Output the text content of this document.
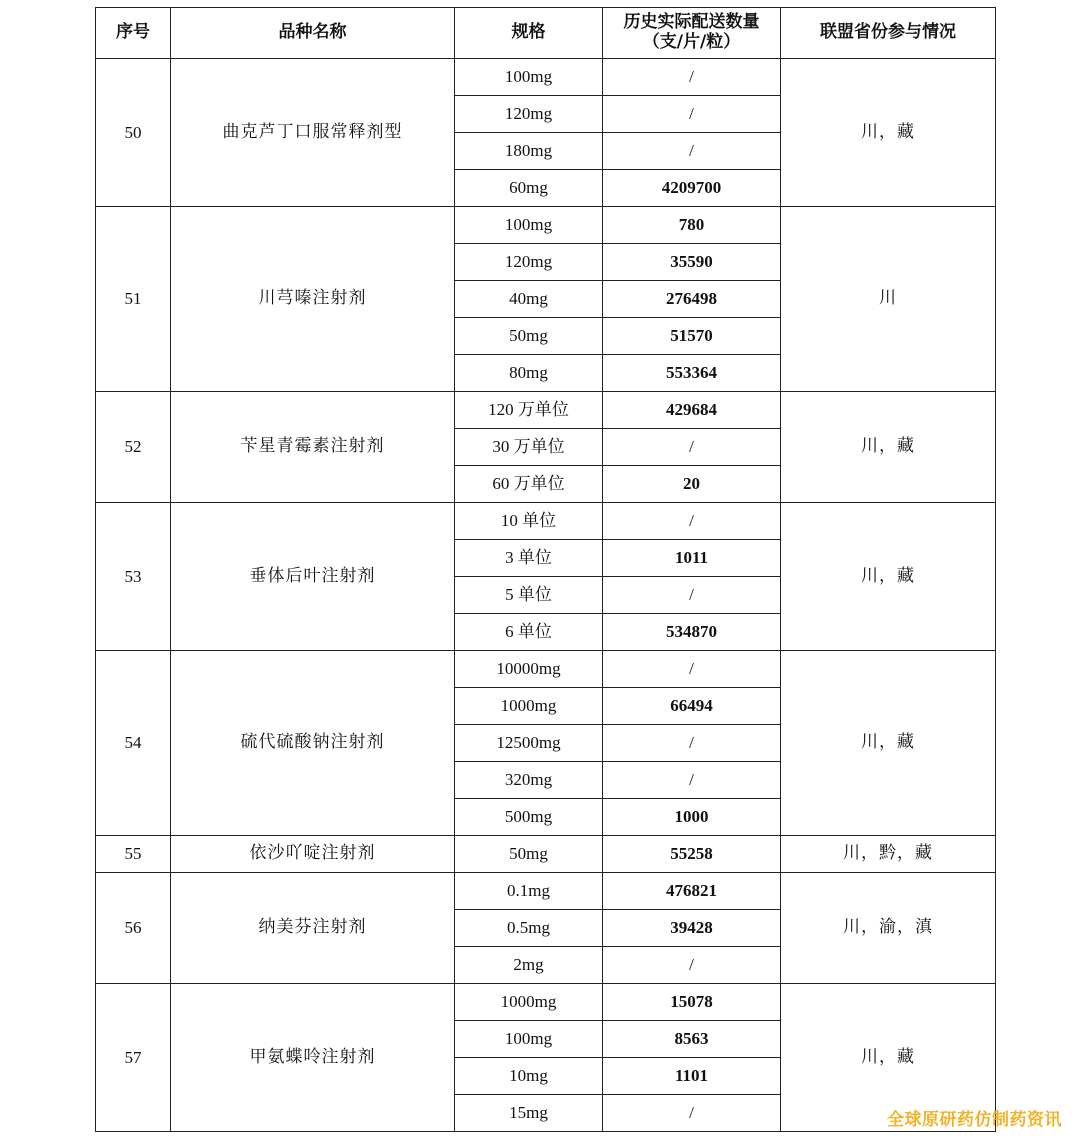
序号	品种名称	规格	历史实际配送数量（支/片/粒）	联盟省份参与情况
50	曲克芦丁口服常释剂型	100mg	/	川，藏
		120mg	/	
		180mg	/	
		60mg	4209700	
51	川芎嗪注射剂	100mg	780	川
		120mg	35590	
		40mg	276498	
		50mg	51570	
		80mg	553364	
52	苄星青霉素注射剂	120 万单位	429684	川，藏
		30 万单位	/	
		60 万单位	20	
53	垂体后叶注射剂	10 单位	/	川，藏
		3 单位	1011	
		5 单位	/	
		6 单位	534870	
54	硫代硫酸钠注射剂	10000mg	/	川，藏
		1000mg	66494	
		12500mg	/	
		320mg	/	
		500mg	1000	
55	依沙吖啶注射剂	50mg	55258	川，黔，藏
56	纳美芬注射剂	0.1mg	476821	川，渝，滇
		0.5mg	39428	
		2mg	/	
57	甲氨蝶呤注射剂	1000mg	15078	川，藏
		100mg	8563	
		10mg	1101	
		15mg	/		全球原研药仿制药资讯
